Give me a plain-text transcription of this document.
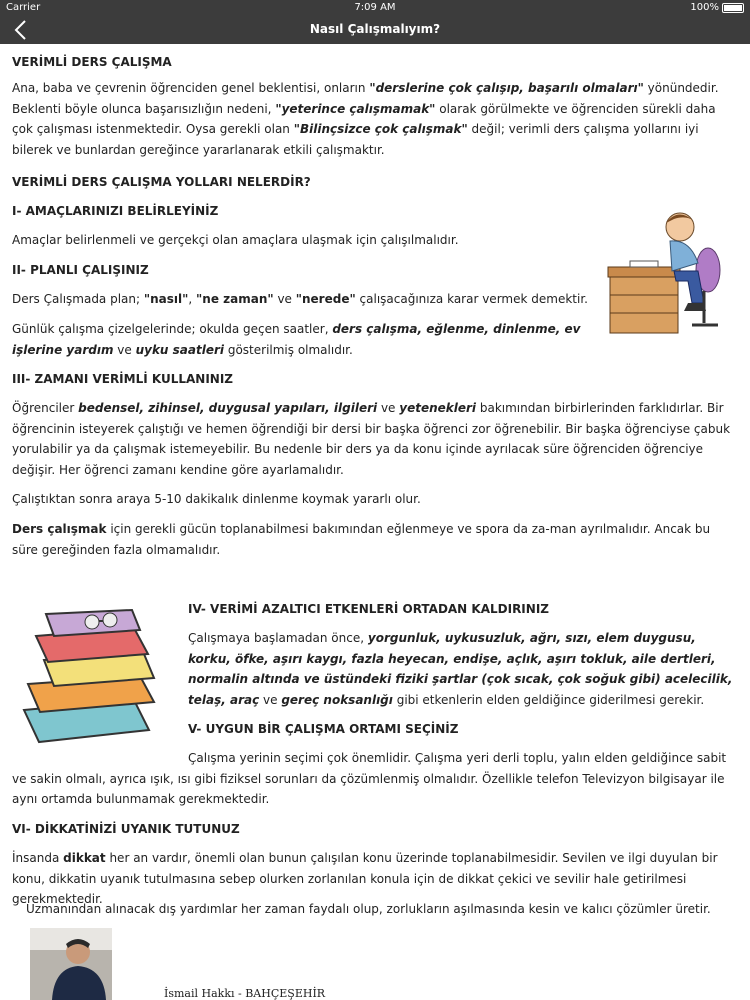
Carrier	7:09 AM	100%
Nasıl Çalışmalıyım?
VERİMLİ DERS ÇALIŞMA
Ana, baba ve çevrenin öğrenciden genel beklentisi, onların "derslerine çok çalışıp, başarılı olmaları" yönündedir. Beklenti böyle olunca başarısızlığın nedeni, "yeterince çalışmamak" olarak görülmekte ve öğrenciden sürekli daha çok çalışması istenmektedir. Oysa gerekli olan "Bilinçsizce çok çalışmak" değil; verimli ders çalışma yollarını iyi bilerek ve bunlardan gereğince yararlanarak etkili çalışmaktır.
VERİMLİ DERS ÇALIŞMA YOLLARI NELERDİR?
I- AMAÇLARINIZI BELİRLEYİNİZ
Amaçlar belirlenmeli ve gerçekçi olan amaçlara ulaşmak için çalışılmalıdır.
II- PLANLI ÇALIŞINIZ
Ders Çalışmada plan; "nasıl", "ne zaman" ve "nerede" çalışacağınıza karar vermek demektir.
Günlük çalışma çizelgelerinde; okulda geçen saatler, ders çalışma, eğlenme, dinlenme, ev işlerine yardım ve uyku saatleri gösterilmiş olmalıdır.
III- ZAMANI VERİMLİ KULLANINIZ
Öğrenciler bedensel, zihinsel, duygusal yapıları, ilgileri ve yetenekleri bakımından birbirlerinden farklıdırlar. Bir öğrencinin isteyerek çalıştığı ve hemen öğrendiği bir dersi bir başka öğrenci zor öğrenebilir. Bir başka öğrenciyse çabuk yorulabilir ya da çalışmak istemeyebilir. Bu nedenle bir ders ya da konu içinde ayrılacak süre öğrenciden öğrenciye değişir. Her öğrenci zamanı kendine göre ayarlamalıdır.
Çalıştıktan sonra araya 5-10 dakikalık dinlenme koymak yararlı olur.
Ders çalışmak için gerekli gücün toplanabilmesi bakımından eğlenmeye ve spora da za-man ayrılmalıdır. Ancak bu süre gereğinden fazla olmamalıdır.
IV- VERİMİ AZALTICI ETKENLERİ ORTADAN KALDIRINIZ
Çalışmaya başlamadan önce, yorgunluk, uykusuzluk, ağrı, sızı, elem duygusu, korku, öfke, aşırı kaygı, fazla heyecan, endişe, açlık, aşırı tokluk, aile dertleri, normalin altında ve üstündeki fiziki şartlar (çok sıcak, çok soğuk gibi) acelecilik, telaş, araç ve gereç noksanlığı gibi etkenlerin elden geldiğince giderilmesi gerekir.
V- UYGUN BİR ÇALIŞMA ORTAMI SEÇİNİZ
Çalışma yerinin seçimi çok önemlidir. Çalışma yeri derli toplu, yalın elden geldiğince sabit ve sakin olmalı, ayrıca ışık, ısı gibi fiziksel sorunları da çözümlenmiş olmalıdır. Özellikle telefon Televizyon bilgisayar ile aynı ortamda bulunmamak gerekmektedir.
VI- DİKKATİNİZİ UYANIK TUTUNUZ
İnsanda dikkat her an vardır, önemli olan bunun çalışılan konu üzerinde toplanabilmesidir. Sevilen ve ilgi duyulan bir konu, dikkatin uyanık tutulmasına sebep olurken zorlanılan konula için de dikkat çekici ve sevilir hale getirilmesi gerekmektedir.
Uzmanından alınacak dış yardımlar her zaman faydalı olup, zorlukların aşılmasında kesin ve kalıcı çözümler üretir.
İsmail Hakkı - BAHÇEŞEHİR
